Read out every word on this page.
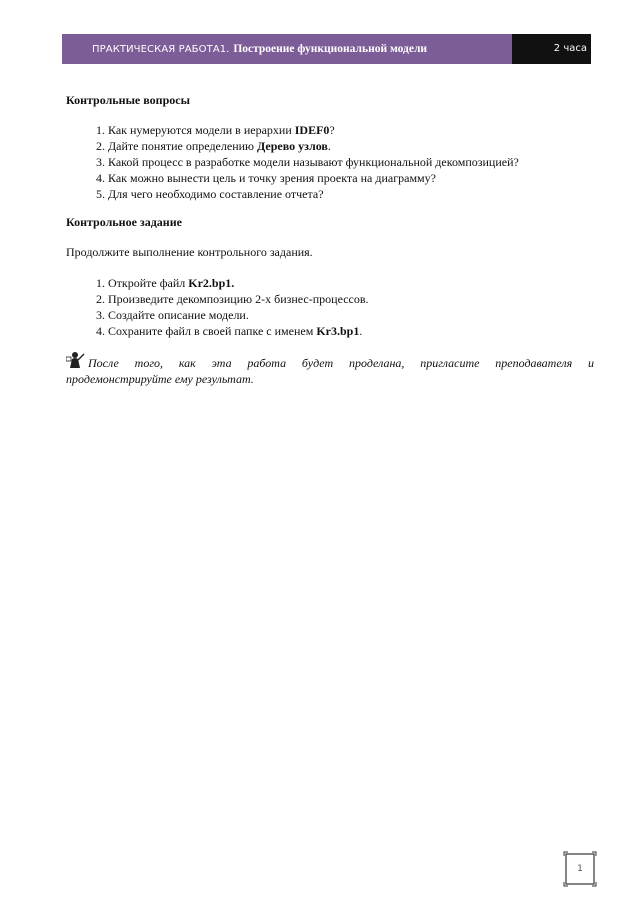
ПРАКТИЧЕСКАЯ РАБОТА1. Построение функциональной модели	2 часа
Контрольные вопросы
1. Как нумеруются модели в иерархии IDEF0?
2. Дайте понятие определению Дерево узлов.
3. Какой процесс в разработке модели называют функциональной декомпозицией?
4. Как можно вынести цель и точку зрения проекта на диаграмму?
5. Для чего необходимо составление отчета?
Контрольное задание

Продолжите выполнение контрольного задания.

1. Откройте файл Kr2.bp1.
2. Произведите декомпозицию 2-х бизнес-процессов.
3. Создайте описание модели.
4. Сохраните файл в своей папке с именем Kr3.bp1.
После того, как эта работа будет проделана, пригласите преподавателя и
продемонстрируйте ему результат.
1
